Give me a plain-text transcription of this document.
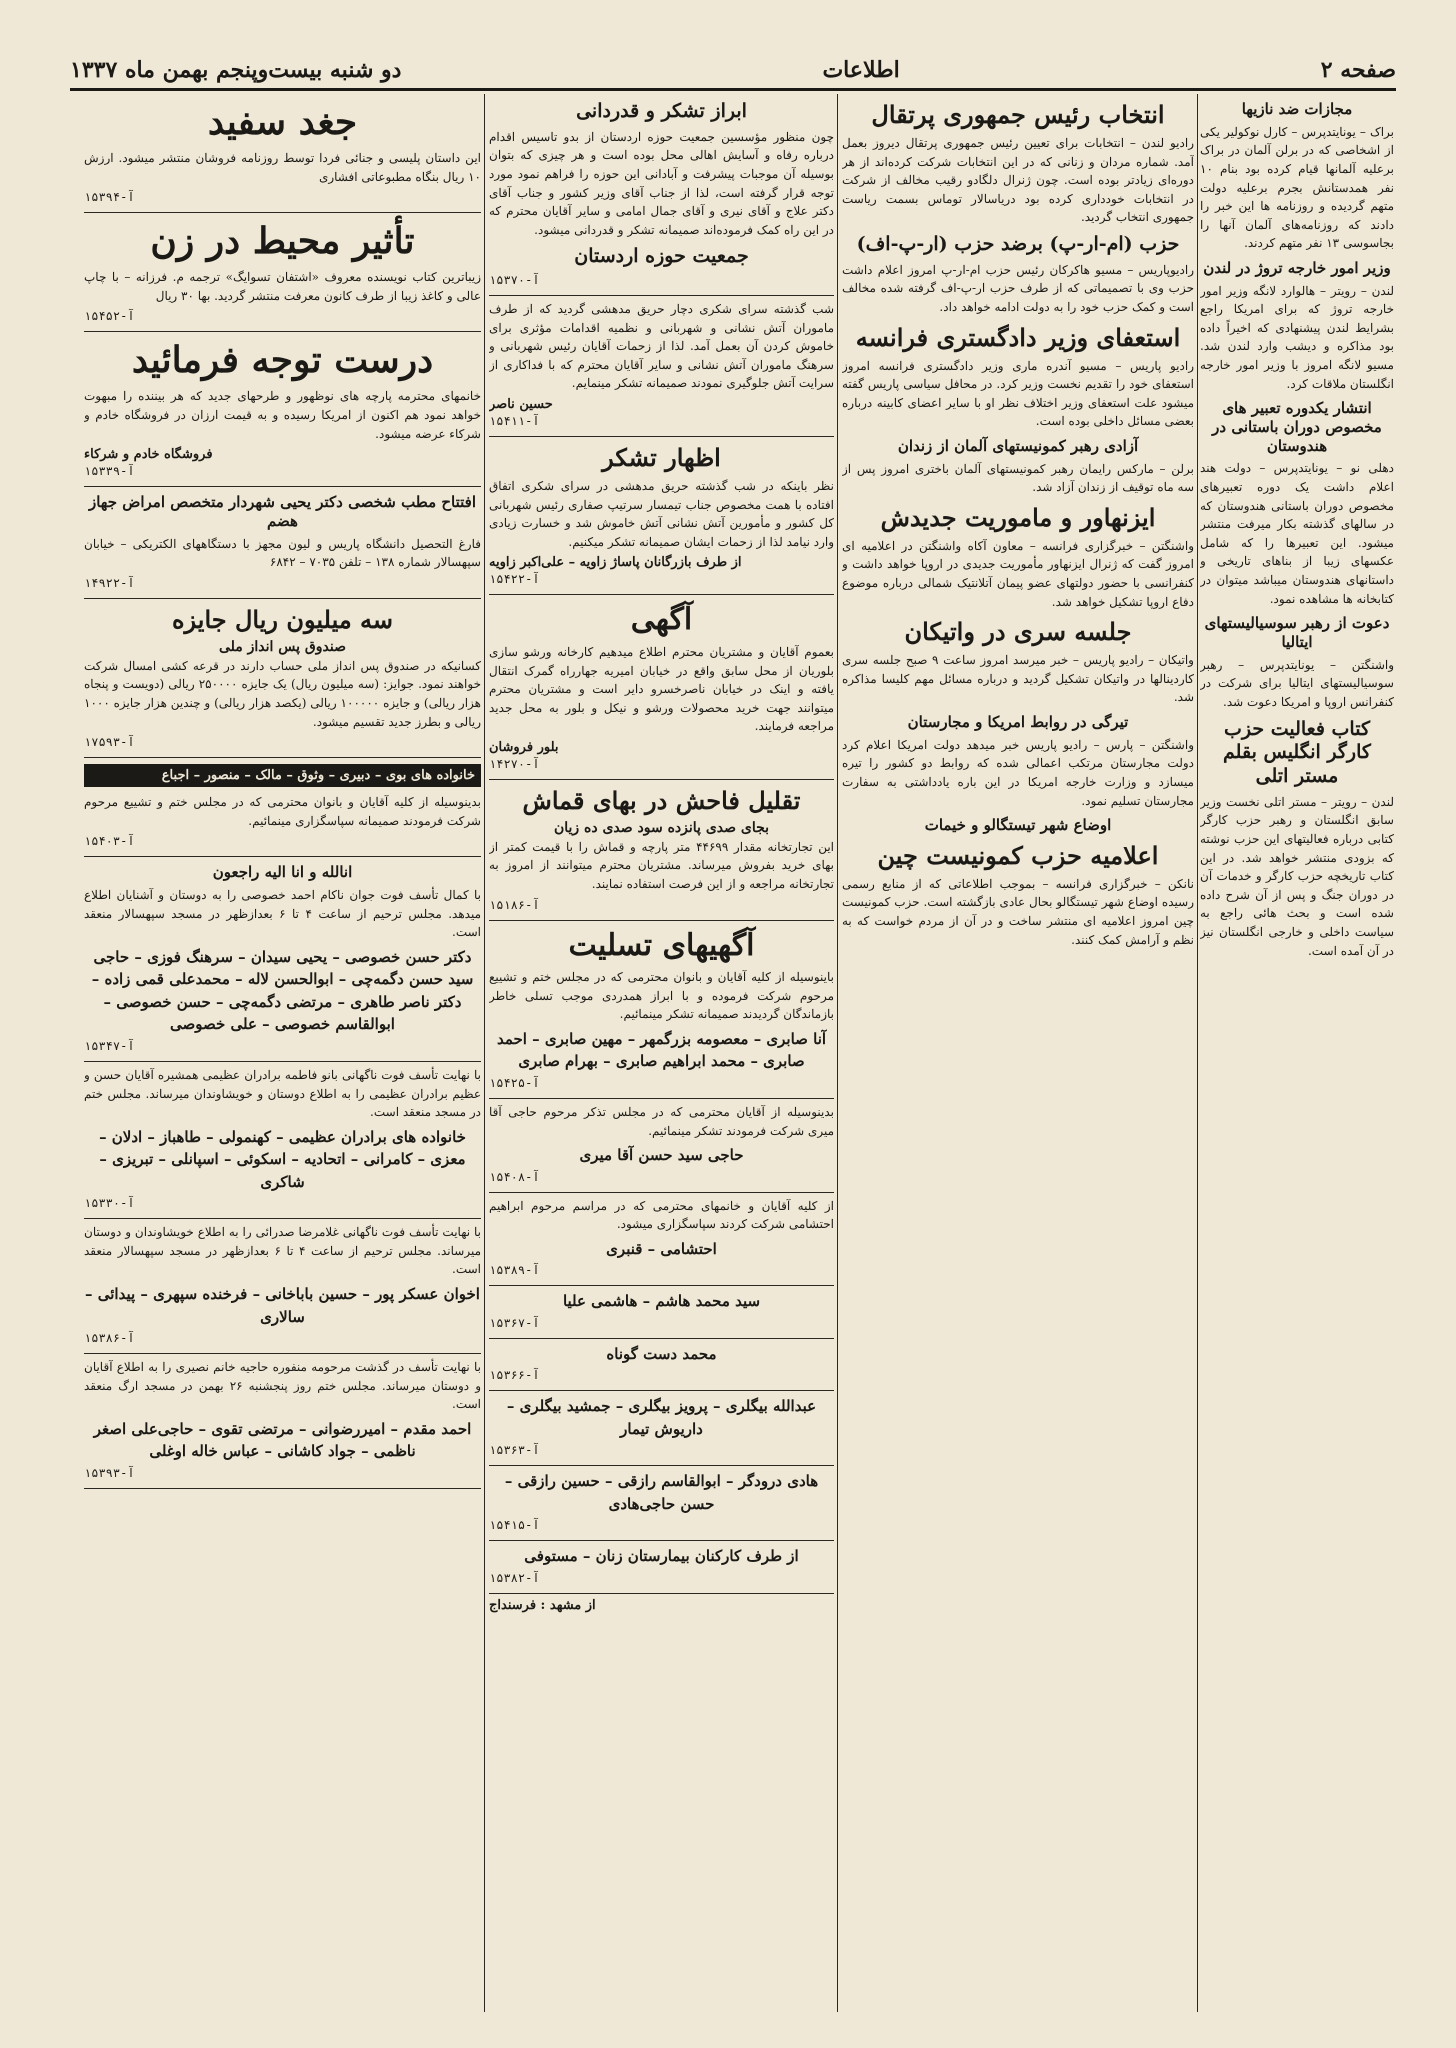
صفحه ۲
اطلاعات
دو شنبه بیست‌وپنجم بهمن ماه ۱۳۳۷
مجازات ضد نازیها

براک – یونایتدپرس – کارل نوکولیر یکی از اشخاصی که در برلن آلمان در براک برعلیه آلمانها قیام کرده بود بنام ۱۰ نفر همدستانش بجرم برعلیه دولت متهم گردیده و روزنامه ها این خبر را دادند که روزنامه‌های آلمان آنها را بجاسوسی ۱۳ نفر متهم کردند.

وزیر امور خارجه تروژ در لندن

لندن – رویتر – هالوارد لانگه وزیر امور خارجه تروژ که برای امریکا راجع بشرایط لندن پیشنهادی که اخیراً داده بود مذاکره و دیشب وارد لندن شد. مسیو لانگه امروز با وزیر امور خارجه انگلستان ملاقات کرد.

انتشار یکدوره تعبیر های مخصوص دوران باستانی در هندوستان

دهلی نو – یونایتدپرس – دولت هند اعلام داشت یک دوره تعبیرهای مخصوص دوران باستانی هندوستان که در سالهای گذشته بکار میرفت منتشر میشود. این تعبیرها را که شامل عکسهای زیبا از بناهای تاریخی و داستانهای هندوستان میباشد میتوان در کتابخانه ها مشاهده نمود.

دعوت از رهبر سوسیالیستهای ایتالیا

واشنگتن – یونایتدپرس – رهبر سوسیالیستهای ایتالیا برای شرکت در کنفرانس اروپا و امریکا دعوت شد.

کتاب فعالیت حزب کارگر انگلیس بقلم مستر اتلی

لندن – رویتر – مستر اتلی نخست وزیر سابق انگلستان و رهبر حزب کارگر کتابی درباره فعالیتهای این حزب نوشته که بزودی منتشر خواهد شد. در این کتاب تاریخچه حزب کارگر و خدمات آن در دوران جنگ و پس از آن شرح داده شده است و بحث هائی راجع به سیاست داخلی و خارجی انگلستان نیز در آن آمده است.

انتخاب رئیس جمهوری پرتقال

رادیو لندن – انتخابات برای تعیین رئیس جمهوری پرتقال دیروز بعمل آمد. شماره مردان و زنانی که در این انتخابات شرکت کرده‌اند از هر دوره‌ای زیادتر بوده است. چون ژنرال دلگادو رقیب مخالف از شرکت در انتخابات خودداری کرده بود دریاسالار توماس بسمت ریاست جمهوری انتخاب گردید.

حزب (ام-ار-پ) برضد حزب (ار-پ-اف)

رادیوپاریس – مسیو هاکرکان رئیس حزب ام-ار-پ امروز اعلام داشت حزب وی با تصمیماتی که از طرف حزب ار-پ-اف گرفته شده مخالف است و کمک حزب خود را به دولت ادامه خواهد داد.

استعفای وزیر دادگستری فرانسه

رادیو پاریس – مسیو آندره ماری وزیر دادگستری فرانسه امروز استعفای خود را تقدیم نخست وزیر کرد. در محافل سیاسی پاریس گفته میشود علت استعفای وزیر اختلاف نظر او با سایر اعضای کابینه درباره بعضی مسائل داخلی بوده است.

آزادی رهبر کمونیستهای آلمان از زندان

برلن – مارکس رایمان رهبر کمونیستهای آلمان باختری امروز پس از سه ماه توقیف از زندان آزاد شد.

ایزنهاور و ماموریت جدیدش

واشنگتن – خبرگزاری فرانسه – معاون آکاه واشنگتن در اعلامیه ای امروز گفت که ژنرال ایزنهاور مأموریت جدیدی در اروپا خواهد داشت و کنفرانسی با حضور دولتهای عضو پیمان آتلانتیک شمالی درباره موضوع دفاع اروپا تشکیل خواهد شد.

جلسه سری در واتیکان

واتیکان – رادیو پاریس – خبر میرسد امروز ساعت ۹ صبح جلسه سری کاردینالها در واتیکان تشکیل گردید و درباره مسائل مهم کلیسا مذاکره شد.

تیرگی در روابط امریکا و مجارستان

واشنگتن – پارس – رادیو پاریس خبر میدهد دولت امریکا اعلام کرد دولت مجارستان مرتکب اعمالی شده که روابط دو کشور را تیره میسازد و وزارت خارجه امریکا در این باره یادداشتی به سفارت مجارستان تسلیم نمود.

اوضاع شهر تیستگالو و خیمات
اعلامیه حزب کمونیست چین

نانکن – خبرگزاری فرانسه – بموجب اطلاعاتی که از منابع رسمی رسیده اوضاع شهر تیستگالو بحال عادی بازگشته است. حزب کمونیست چین امروز اعلامیه ای منتشر ساخت و در آن از مردم خواست که به نظم و آرامش کمک کنند.

ابراز تشکر و قدردانی

چون منظور مؤسسین جمعیت حوزه اردستان از بدو تاسیس اقدام درباره رفاه و آسایش اهالی محل بوده است و هر چیزی که بتوان بوسیله آن موجبات پیشرفت و آبادانی این حوزه را فراهم نمود مورد توجه قرار گرفته است، لذا از جناب آقای وزیر کشور و جناب آقای دکتر علاج و آقای نیری و آقای جمال امامی و سایر آقایان محترم که در این راه کمک فرموده‌اند صمیمانه تشکر و قدردانی میشود.

جمعیت حوزه اردستان
آ-۱۵۳۷۰

شب گذشته سرای شکری دچار حریق مدهشی گردید که از طرف ماموران آتش نشانی و شهربانی و نظمیه اقدامات مؤثری برای خاموش کردن آن بعمل آمد. لذا از زحمات آقایان رئیس شهربانی و سرهنگ ماموران آتش نشانی و سایر آقایان محترم که با فداکاری از سرایت آتش جلوگیری نمودند صمیمانه تشکر مینمایم.

حسین ناصر
آ-۱۵۴۱۱
اظهار تشکر

نظر باینکه در شب گذشته حریق مدهشی در سرای شکری اتفاق افتاده با همت مخصوص جناب تیمسار سرتیپ صفاری رئیس شهربانی کل کشور و مأمورین آتش نشانی آتش خاموش شد و خسارت زیادی وارد نیامد لذا از زحمات ایشان صمیمانه تشکر میکنیم.

از طرف بازرگانان پاساژ زاویه – علی‌اکبر زاویه
آ-۱۵۴۲۲
آگهی

بعموم آقایان و مشتریان محترم اطلاع میدهیم کارخانه ورشو سازی بلوریان از محل سابق واقع در خیابان امیریه جهارراه گمرک انتقال یافته و اینک در خیابان ناصرخسرو دایر است و مشتریان محترم میتوانند جهت خرید محصولات ورشو و نیکل و بلور به محل جدید مراجعه فرمایند.

بلور فروشان
آ-۱۴۲۷۰
تقلیل فاحش در بهای قماش
بجای صدی پانزده سود صدی ده زیان

این تجارتخانه مقدار ۴۴۶۹۹ متر پارچه و قماش را با قیمت کمتر از بهای خرید بفروش میرساند. مشتریان محترم میتوانند از امروز به تجارتخانه مراجعه و از این فرصت استفاده نمایند.

آ-۱۵۱۸۶
آگهیهای تسلیت

باینوسیله از کلیه آقایان و بانوان محترمی که در مجلس ختم و تشییع مرحوم شرکت فرموده و با ابراز همدردی موجب تسلی خاطر بازماندگان گردیدند صمیمانه تشکر مینمائیم.

آنا صابری – معصومه بزرگمهر – مهین صابری – احمد صابری – محمد ابراهیم صابری – بهرام صابری
آ-۱۵۴۲۵

بدینوسیله از آقایان محترمی که در مجلس تذکر مرحوم حاجی آقا میری شرکت فرمودند تشکر مینمائیم.

حاجی سید حسن آقا میری
آ-۱۵۴۰۸

از کلیه آقایان و خانمهای محترمی که در مراسم مرحوم ابراهیم احتشامی شرکت کردند سپاسگزاری میشود.

احتشامی – قنبری
آ-۱۵۳۸۹
سید محمد هاشم – هاشمی علیا
آ-۱۵۳۶۷
محمد دست گوناه
آ-۱۵۳۶۶
عبدالله بیگلری – پرویز بیگلری – جمشید بیگلری – داریوش تیمار
آ-۱۵۳۶۳
هادی درودگر – ابوالقاسم رازقی – حسین رازقی – حسن حاجی‌هادی
آ-۱۵۴۱۵
از طرف کارکنان بیمارستان زنان – مستوفی
آ-۱۵۳۸۲
از مشهد : فرسنداج
جغد سفید

این داستان پلیسی و جنائی فردا توسط روزنامه فروشان منتشر میشود. ارزش ۱۰ ریال بنگاه مطبوعاتی افشاری

آ-۱۵۳۹۴
تأثیر محیط در زن

زیباترین کتاب نویسنده معروف «اشتفان تسوایگ» ترجمه م. فرزانه – با چاپ عالی و کاغذ زیبا از طرف کانون معرفت منتشر گردید. بها ۳۰ ریال

آ-۱۵۴۵۲
درست توجه فرمائید

خانمهای محترمه پارچه های نوظهور و طرحهای جدید که هر بیننده را مبهوت خواهد نمود هم اکنون از امریکا رسیده و به قیمت ارزان در فروشگاه خادم و شرکاء عرضه میشود.

فروشگاه خادم و شرکاء
آ-۱۵۳۳۹
افتتاح مطب شخصی دکتر یحیی شهردار متخصص امراض جهاز هضم

فارغ التحصیل دانشگاه پاریس و لیون مجهز با دستگاههای الکتریکی – خیابان سپهسالار شماره ۱۳۸ – تلفن ۷۰۳۵ – ۶۸۴۲

آ-۱۴۹۲۲
سه میلیون ریال جایزه
صندوق پس انداز ملی

کسانیکه در صندوق پس انداز ملی حساب دارند در قرعه کشی امسال شرکت خواهند نمود. جوایز: (سه میلیون ریال) یک جایزه ۲۵۰۰۰۰ ریالی (دویست و پنجاه هزار ریالی) و جایزه ۱۰۰۰۰۰ ریالی (یکصد هزار ریالی) و چندین هزار جایزه ۱۰۰۰ ریالی و بطرز جدید تقسیم میشود.

آ-۱۷۵۹۳
خانواده های بوی – دبیری – وثوق – مالک – منصور – اجباع

بدینوسیله از کلیه آقایان و بانوان محترمی که در مجلس ختم و تشییع مرحوم شرکت فرمودند صمیمانه سپاسگزاری مینمائیم.

آ-۱۵۴۰۳
انالله و انا الیه راجعون

با کمال تأسف فوت جوان ناکام احمد خصوصی را به دوستان و آشنایان اطلاع میدهد. مجلس ترحیم از ساعت ۴ تا ۶ بعدازظهر در مسجد سپهسالار منعقد است.

دکتر حسن خصوصی – یحیی سیدان – سرهنگ فوزی – حاجی سید حسن دگمه‌چی – ابوالحسن لاله – محمدعلی قمی زاده – دکتر ناصر طاهری – مرتضی دگمه‌چی – حسن خصوصی – ابوالقاسم خصوصی – علی خصوصی
آ-۱۵۳۴۷

با نهایت تأسف فوت ناگهانی بانو فاطمه برادران عظیمی همشیره آقایان حسن و عظیم برادران عظیمی را به اطلاع دوستان و خویشاوندان میرساند. مجلس ختم در مسجد منعقد است.

خانواده های برادران عظیمی – کهنمولی – طاهباز – ادلان – معزی – کامرانی – اتحادیه – اسکوئی – اسپانلی – تبریزی – شاکری
آ-۱۵۳۳۰

با نهایت تأسف فوت ناگهانی غلامرضا صدرائی را به اطلاع خویشاوندان و دوستان میرساند. مجلس ترحیم از ساعت ۴ تا ۶ بعدازظهر در مسجد سپهسالار منعقد است.

اخوان عسکر پور – حسین باباخانی – فرخنده سپهری – پیدائی – سالاری
آ-۱۵۳۸۶

با نهایت تأسف در گذشت مرحومه منفوره حاجیه خانم نصیری را به اطلاع آقایان و دوستان میرساند. مجلس ختم روز پنجشنبه ۲۶ بهمن در مسجد ارگ منعقد است.

احمد مقدم – امیررضوانی – مرتضی تقوی – حاجی‌علی اصغر ناظمی – جواد کاشانی – عباس خاله اوغلی
آ-۱۵۳۹۳
